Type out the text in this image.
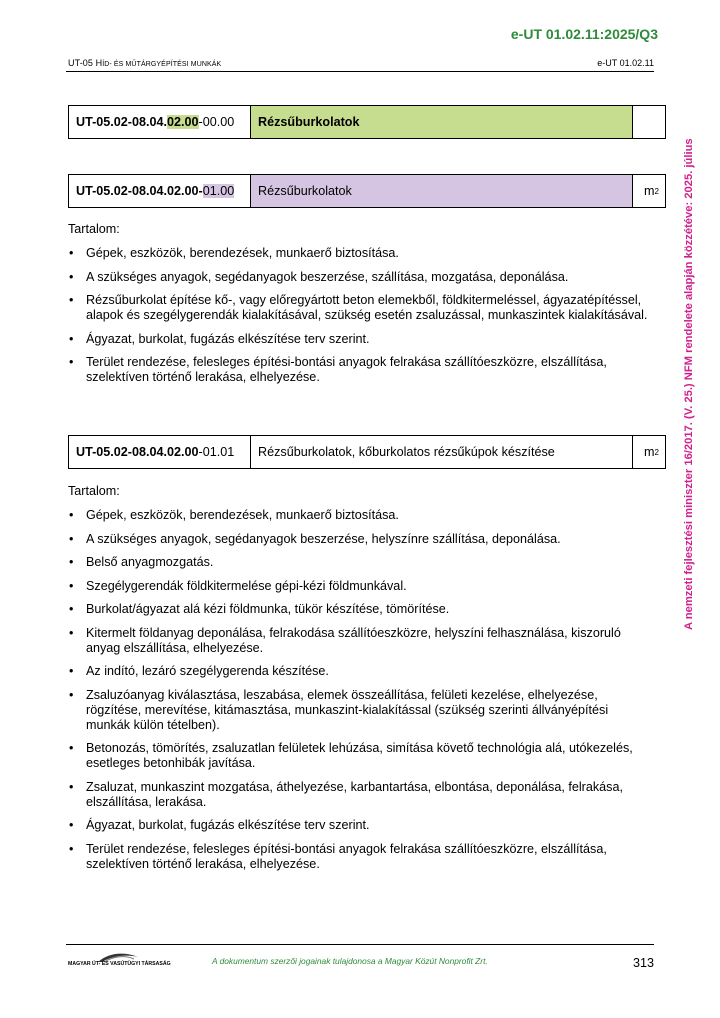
e-UT 01.02.11:2025/Q3
UT-05 HÍD- ÉS MŰTÁRGYÉPÍTÉSI MUNKÁK	e-UT 01.02.11
A nemzeti fejlesztési miniszter 16/2017. (V. 25.) NFM rendelete alapján közzétéve: 2025. július
UT-05.02-08.04. 02.00 -00.00	Rézsűburkolatok
UT-05.02-08.04.02.00- 01.00	Rézsűburkolatok	m 2
Tartalom:
• Gépek, eszközök, berendezések, munkaerő biztosítása.
• A szükséges anyagok, segédanyagok beszerzése, szállítása, mozgatása, deponálása.
• Rézsűburkolat építése kő-, vagy előregyártott beton elemekből, földkitermeléssel, ágyazatépítéssel, alapok és szegélygerendák kialakításával, szükség esetén zsaluzással, munkaszintek kialakításával.
• Ágyazat, burkolat, fugázás elkészítése terv szerint.
• Terület rendezése, felesleges építési-bontási anyagok felrakása szállítóeszközre, elszállítása, szelektíven történő lerakása, elhelyezése.
UT-05.02-08.04.02.00 -01.01	Rézsűburkolatok, kőburkolatos rézsűkúpok készítése	m 2
Tartalom:
• Gépek, eszközök, berendezések, munkaerő biztosítása.
• A szükséges anyagok, segédanyagok beszerzése, helyszínre szállítása, deponálása.
• Belső anyagmozgatás.
• Szegélygerendák földkitermelése gépi-kézi földmunkával.
• Burkolat/ágyazat alá kézi földmunka, tükör készítése, tömörítése.
• Kitermelt földanyag deponálása, felrakodása szállítóeszközre, helyszíni felhasználása, kiszoruló anyag elszállítása, elhelyezése.
• Az indító, lezáró szegélygerenda készítése.
• Zsaluzóanyag kiválasztása, leszabása, elemek összeállítása, felületi kezelése, elhelyezése, rögzítése, merevítése, kitámasztása, munkaszint-kialakítással (szükség szerinti állványépítési munkák külön tételben).
• Betonozás, tömörítés, zsaluzatlan felületek lehúzása, simítása követő technológia alá, utókezelés, esetleges betonhibák javítása.
• Zsaluzat, munkaszint mozgatása, áthelyezése, karbantartása, elbontása, deponálása, felrakása, elszállítása, lerakása.
• Ágyazat, burkolat, fugázás elkészítése terv szerint.
• Terület rendezése, felesleges építési-bontási anyagok felrakása szállítóeszközre, elszállítása, szelektíven történő lerakása, elhelyezése.
MAGYAR ÚT- ÉS VASÚTÜGYI TÁRSASÁG	A dokumentum szerzői jogainak tulajdonosa a Magyar Közút Nonprofit Zrt.	313
